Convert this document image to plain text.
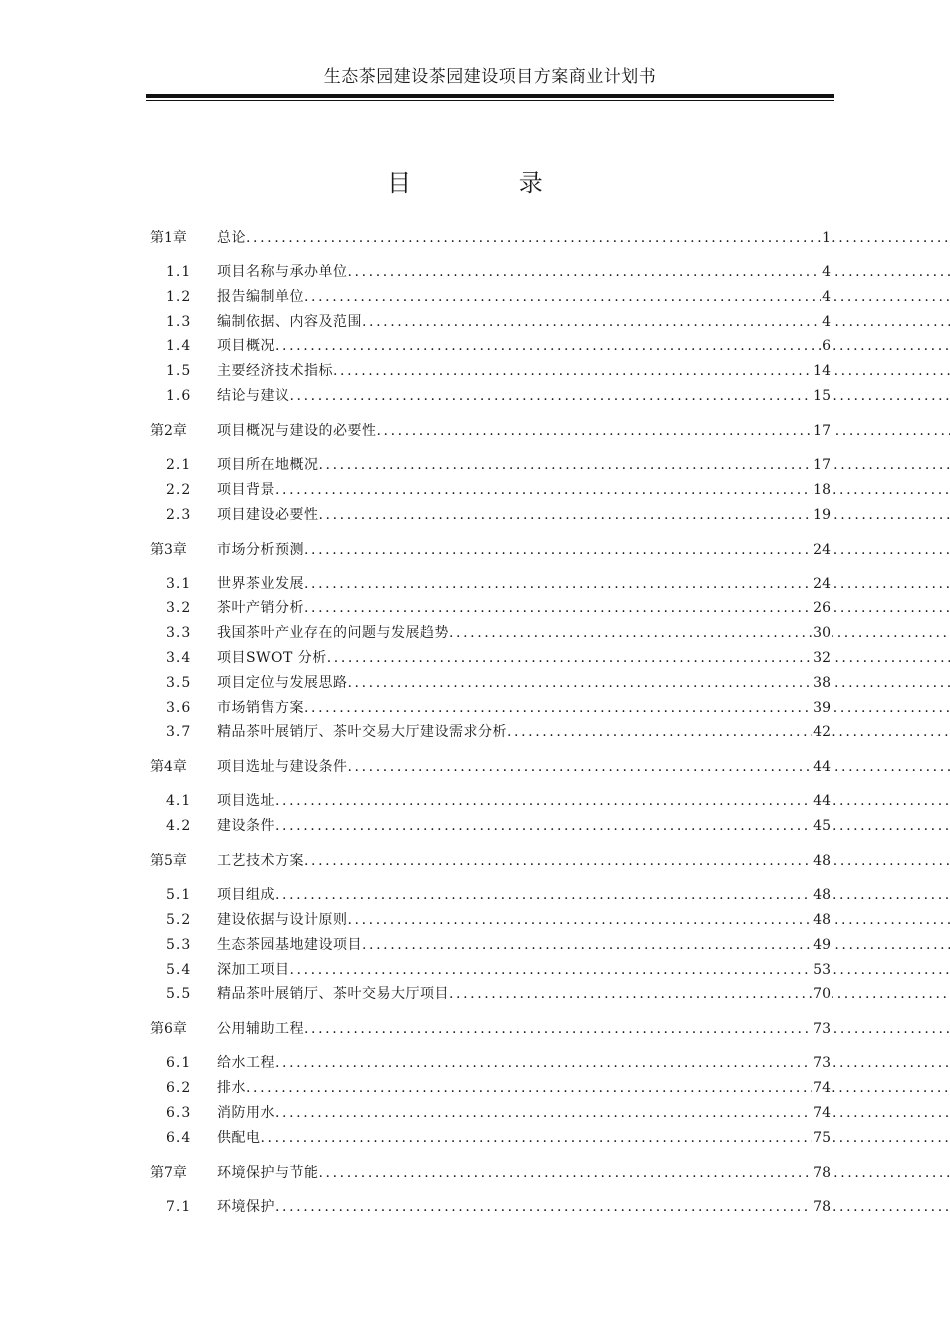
生态茶园建设茶园建设项目方案商业计划书
目 录
第1章 总论 .....	1
1.1 项目名称与承办单位 .....	4
1.2 报告编制单位 .....	4
1.3 编制依据、内容及范围 .....	4
1.4 项目概况 .....	6
1.5 主要经济技术指标 .....	14
1.6 结论与建议 .....	15
第2章 项目概况与建设的必要性 .....	17
2.1 项目所在地概况 .....	17
2.2 项目背景 .....	18
2.3 项目建设必要性 .....	19
第3章 市场分析预测 .....	24
3.1 世界茶业发展 .....	24
3.2 茶叶产销分析 .....	26
3.3 我国茶叶产业存在的问题与发展趋势 .....	30
3.4 项目SWOT 分析 .....	32
3.5 项目定位与发展思路 .....	38
3.6 市场销售方案 .....	39
3.7 精品茶叶展销厅、茶叶交易大厅建设需求分析 .....	42
第4章 项目选址与建设条件 .....	44
4.1 项目选址 .....	44
4.2 建设条件 .....	45
第5章 工艺技术方案 .....	48
5.1 项目组成 .....	48
5.2 建设依据与设计原则 .....	48
5.3 生态茶园基地建设项目 .....	49
5.4 深加工项目 .....	53
5.5 精品茶叶展销厅、茶叶交易大厅项目 .....	70
第6章 公用辅助工程 .....	73
6.1 给水工程 .....	73
6.2 排水 .....	74
6.3 消防用水 .....	74
6.4 供配电 .....	75
第7章 环境保护与节能 .....	78
7.1 环境保护 .....	78
